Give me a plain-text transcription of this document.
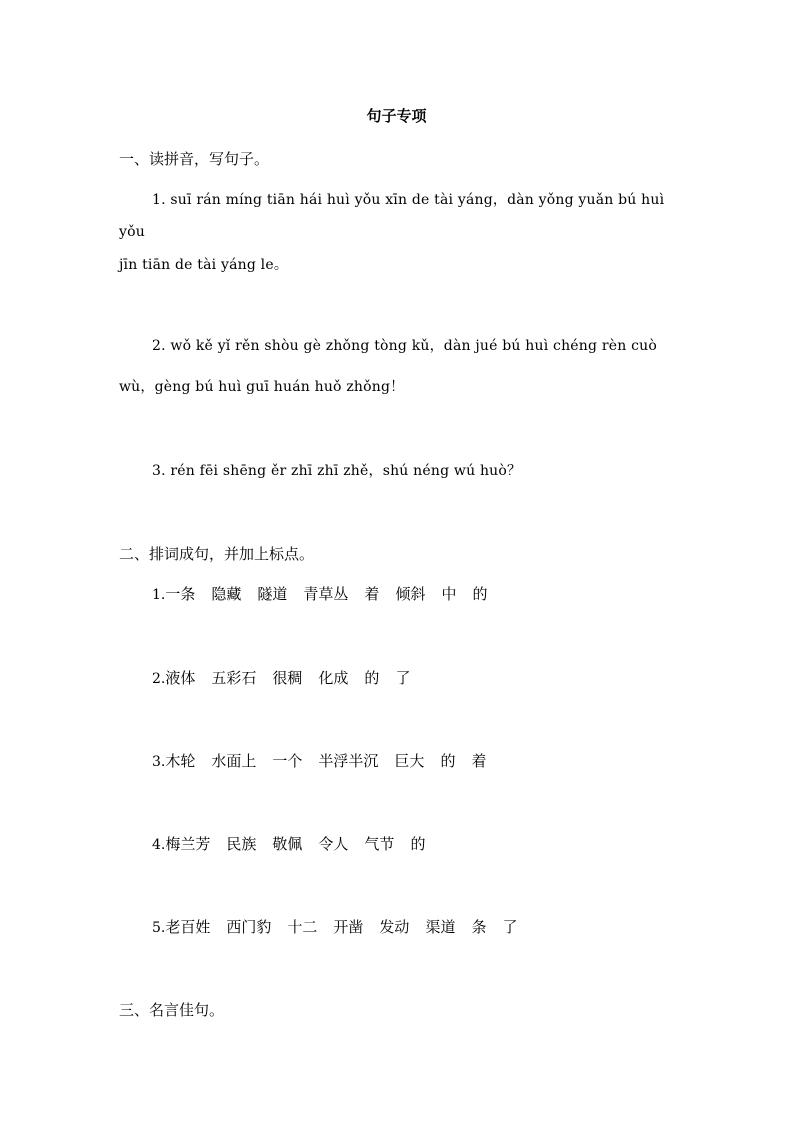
句子专项

一、读拼音，写句子。

1. suī rán míng tiān hái huì yǒu xīn de tài yáng，dàn yǒng yuǎn bú huì

yǒu

jīn tiān de tài yáng le。

2. wǒ kě yǐ rěn shòu gè zhǒng tòng kǔ，dàn jué bú huì chéng rèn cuò

wù，gèng bú huì guī huán huǒ zhǒng！

3. rén fēi shēng ěr zhī zhī zhě，shú néng wú huò？

二、排词成句，并加上标点。

1.一条 隐藏 隧道 青草丛 着 倾斜 中 的

2.液体 五彩石 很稠 化成 的 了

3.木轮 水面上 一个 半浮半沉 巨大 的 着

4.梅兰芳 民族 敬佩 令人 气节 的

5.老百姓 西门豹 十二 开凿 发动 渠道 条 了

三、名言佳句。
